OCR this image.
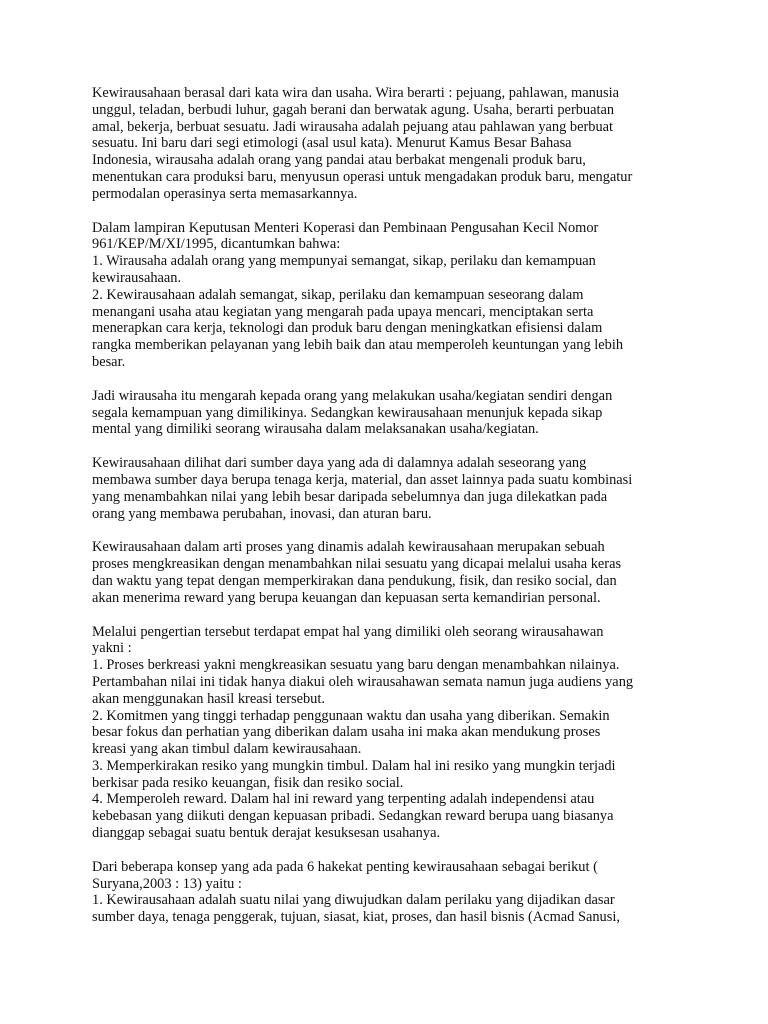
Kewirausahaan berasal dari kata wira dan usaha. Wira berarti : pejuang, pahlawan, manusia
unggul, teladan, berbudi luhur, gagah berani dan berwatak agung. Usaha, berarti perbuatan
amal, bekerja, berbuat sesuatu. Jadi wirausaha adalah pejuang atau pahlawan yang berbuat
sesuatu. Ini baru dari segi etimologi (asal usul kata). Menurut Kamus Besar Bahasa
Indonesia, wirausaha adalah orang yang pandai atau berbakat mengenali produk baru,
menentukan cara produksi baru, menyusun operasi untuk mengadakan produk baru, mengatur
permodalan operasinya serta memasarkannya.
Dalam lampiran Keputusan Menteri Koperasi dan Pembinaan Pengusahan Kecil Nomor
961/KEP/M/XI/1995, dicantumkan bahwa:
1. Wirausaha adalah orang yang mempunyai semangat, sikap, perilaku dan kemampuan
kewirausahaan.
2. Kewirausahaan adalah semangat, sikap, perilaku dan kemampuan seseorang dalam
menangani usaha atau kegiatan yang mengarah pada upaya mencari, menciptakan serta
menerapkan cara kerja, teknologi dan produk baru dengan meningkatkan efisiensi dalam
rangka memberikan pelayanan yang lebih baik dan atau memperoleh keuntungan yang lebih
besar.
Jadi wirausaha itu mengarah kepada orang yang melakukan usaha/kegiatan sendiri dengan
segala kemampuan yang dimilikinya. Sedangkan kewirausahaan menunjuk kepada sikap
mental yang dimiliki seorang wirausaha dalam melaksanakan usaha/kegiatan.
Kewirausahaan dilihat dari sumber daya yang ada di dalamnya adalah seseorang yang
membawa sumber daya berupa tenaga kerja, material, dan asset lainnya pada suatu kombinasi
yang menambahkan nilai yang lebih besar daripada sebelumnya dan juga dilekatkan pada
orang yang membawa perubahan, inovasi, dan aturan baru.
Kewirausahaan dalam arti proses yang dinamis adalah kewirausahaan merupakan sebuah
proses mengkreasikan dengan menambahkan nilai sesuatu yang dicapai melalui usaha keras
dan waktu yang tepat dengan memperkirakan dana pendukung, fisik, dan resiko social, dan
akan menerima reward yang berupa keuangan dan kepuasan serta kemandirian personal.
Melalui pengertian tersebut terdapat empat hal yang dimiliki oleh seorang wirausahawan
yakni :
1. Proses berkreasi yakni mengkreasikan sesuatu yang baru dengan menambahkan nilainya.
Pertambahan nilai ini tidak hanya diakui oleh wirausahawan semata namun juga audiens yang
akan menggunakan hasil kreasi tersebut.
2. Komitmen yang tinggi terhadap penggunaan waktu dan usaha yang diberikan. Semakin
besar fokus dan perhatian yang diberikan dalam usaha ini maka akan mendukung proses
kreasi yang akan timbul dalam kewirausahaan.
3. Memperkirakan resiko yang mungkin timbul. Dalam hal ini resiko yang mungkin terjadi
berkisar pada resiko keuangan, fisik dan resiko social.
4. Memperoleh reward. Dalam hal ini reward yang terpenting adalah independensi atau
kebebasan yang diikuti dengan kepuasan pribadi. Sedangkan reward berupa uang biasanya
dianggap sebagai suatu bentuk derajat kesuksesan usahanya.
Dari beberapa konsep yang ada pada 6 hakekat penting kewirausahaan sebagai berikut (
Suryana,2003 : 13) yaitu :
1. Kewirausahaan adalah suatu nilai yang diwujudkan dalam perilaku yang dijadikan dasar
sumber daya, tenaga penggerak, tujuan, siasat, kiat, proses, dan hasil bisnis (Acmad Sanusi,
